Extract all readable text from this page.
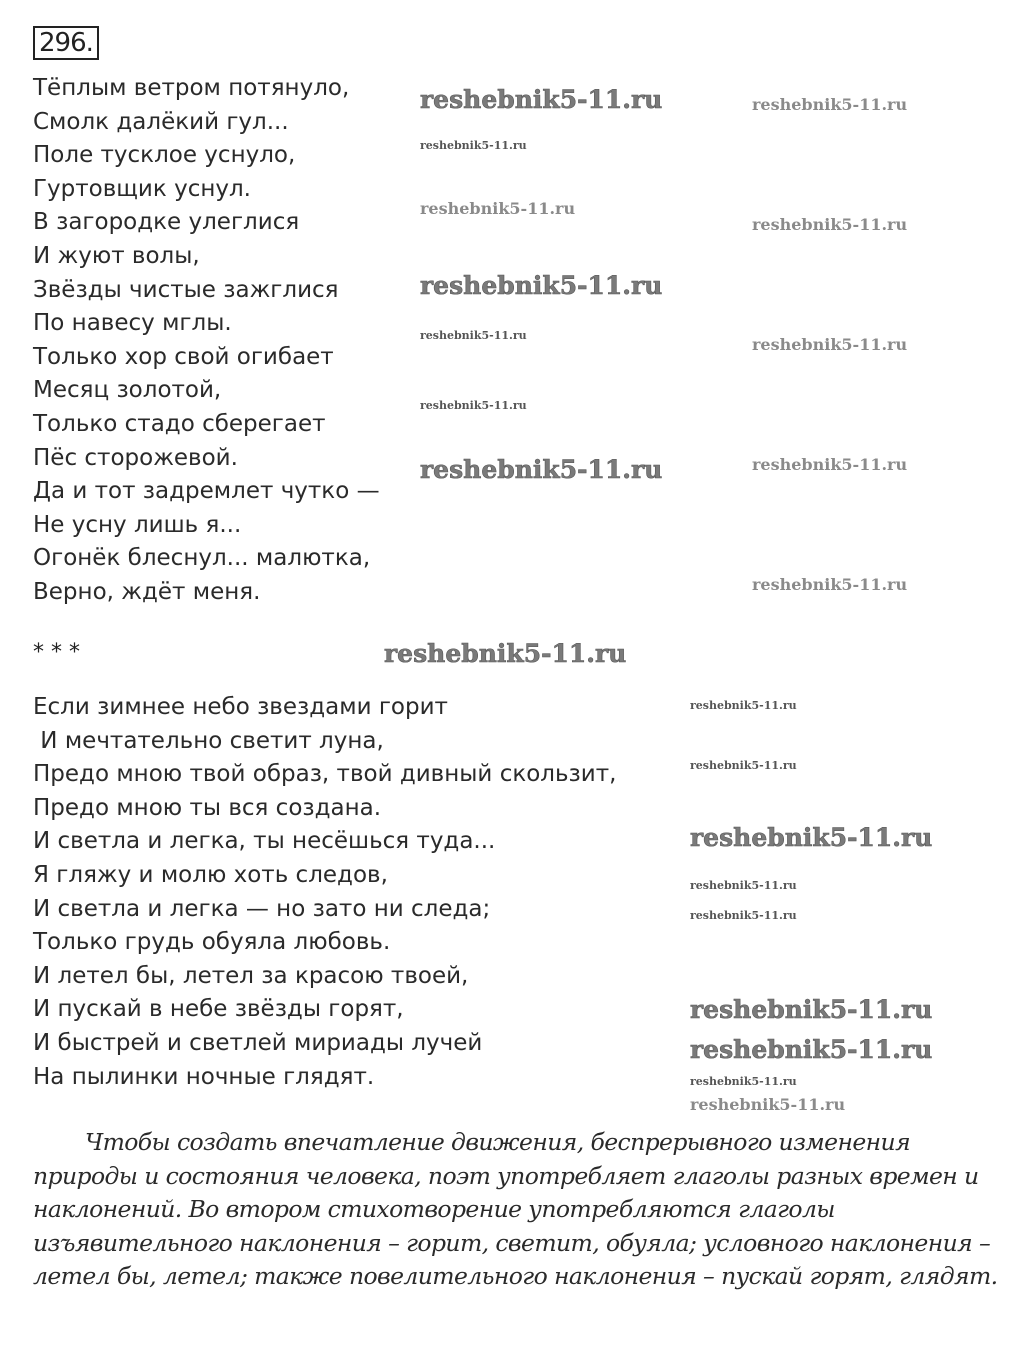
296.
Тёплым ветром потянуло,
Смолк далёкий гул...
Поле тусклое уснуло,
Гуртовщик уснул.
В загородке улеглися
И жуют волы,
Звёзды чистые зажглися
По навесу мглы.
Только хор свой огибает
Месяц золотой,
Только стадо сберегает
Пёс сторожевой.
Да и тот задремлет чутко —
Не усну лишь я...
Огонёк блеснул... малютка,
Верно, ждёт меня.
* * *
Если зимнее небо звездами горит
И мечтательно светит луна,
Предо мною твой образ, твой дивный скользит,
Предо мною ты вся создана.
И светла и легка, ты несёшься туда...
Я гляжу и молю хоть следов,
И светла и легка — но зато ни следа;
Только грудь обуяла любовь.
И летел бы, летел за красою твоей,
И пускай в небе звёзды горят,
И быстрей и светлей мириады лучей
На пылинки ночные глядят.
Чтобы создать впечатление движения, беспрерывного изменения природы и состояния человека, поэт употребляет глаголы разных времен и наклонений. Во втором стихотворение употребляются глаголы изъявительного наклонения – горит, светит, обуяла; условного наклонения – летел бы, летел; также повелительного наклонения – пускай горят, глядят.
reshebnik5-11.ru
reshebnik5-11.ru
reshebnik5-11.ru
reshebnik5-11.ru
reshebnik5-11.ru
reshebnik5-11.ru
reshebnik5-11.ru
reshebnik5-11.ru
reshebnik5-11.ru
reshebnik5-11.ru
reshebnik5-11.ru
reshebnik5-11.ru
reshebnik5-11.ru
reshebnik5-11.ru
reshebnik5-11.ru
reshebnik5-11.ru
reshebnik5-11.ru
reshebnik5-11.ru
reshebnik5-11.ru
reshebnik5-11.ru
reshebnik5-11.ru
reshebnik5-11.ru
